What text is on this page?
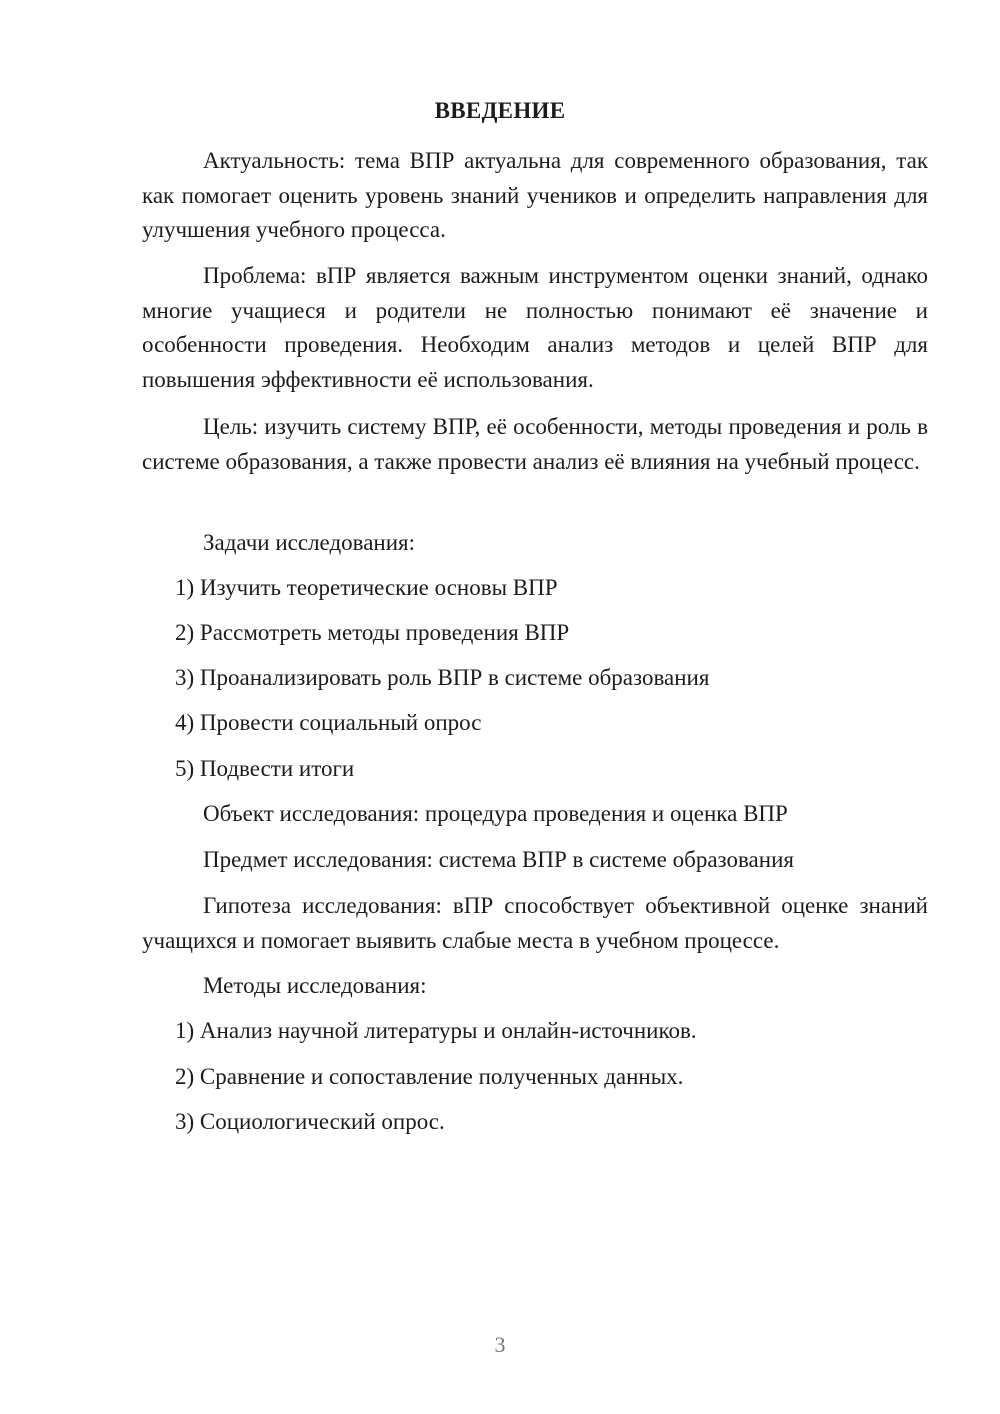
ВВЕДЕНИЕ

Актуальность: тема ВПР актуальна для современного образования, так как помогает оценить уровень знаний учеников и определить направления для улучшения учебного процесса.

Проблема: вПР является важным инструментом оценки знаний, однако многие учащиеся и родители не полностью понимают её значение и особенности проведения. Необходим анализ методов и целей ВПР для повышения эффективности её использования.

Цель: изучить систему ВПР, её особенности, методы проведения и роль в системе образования, а также провести анализ её влияния на учебный процесс.

Задачи исследования:
1) Изучить теоретические основы ВПР
2) Рассмотреть методы проведения ВПР
3) Проанализировать роль ВПР в системе образования
4) Провести социальный опрос
5) Подвести итоги
Объект исследования: процедура проведения и оценка ВПР
Предмет исследования: система ВПР в системе образования

Гипотеза исследования: вПР способствует объективной оценке знаний учащихся и помогает выявить слабые места в учебном процессе.

Методы исследования:
1) Анализ научной литературы и онлайн-источников.
2) Сравнение и сопоставление полученных данных.
3) Социологический опрос.
3
